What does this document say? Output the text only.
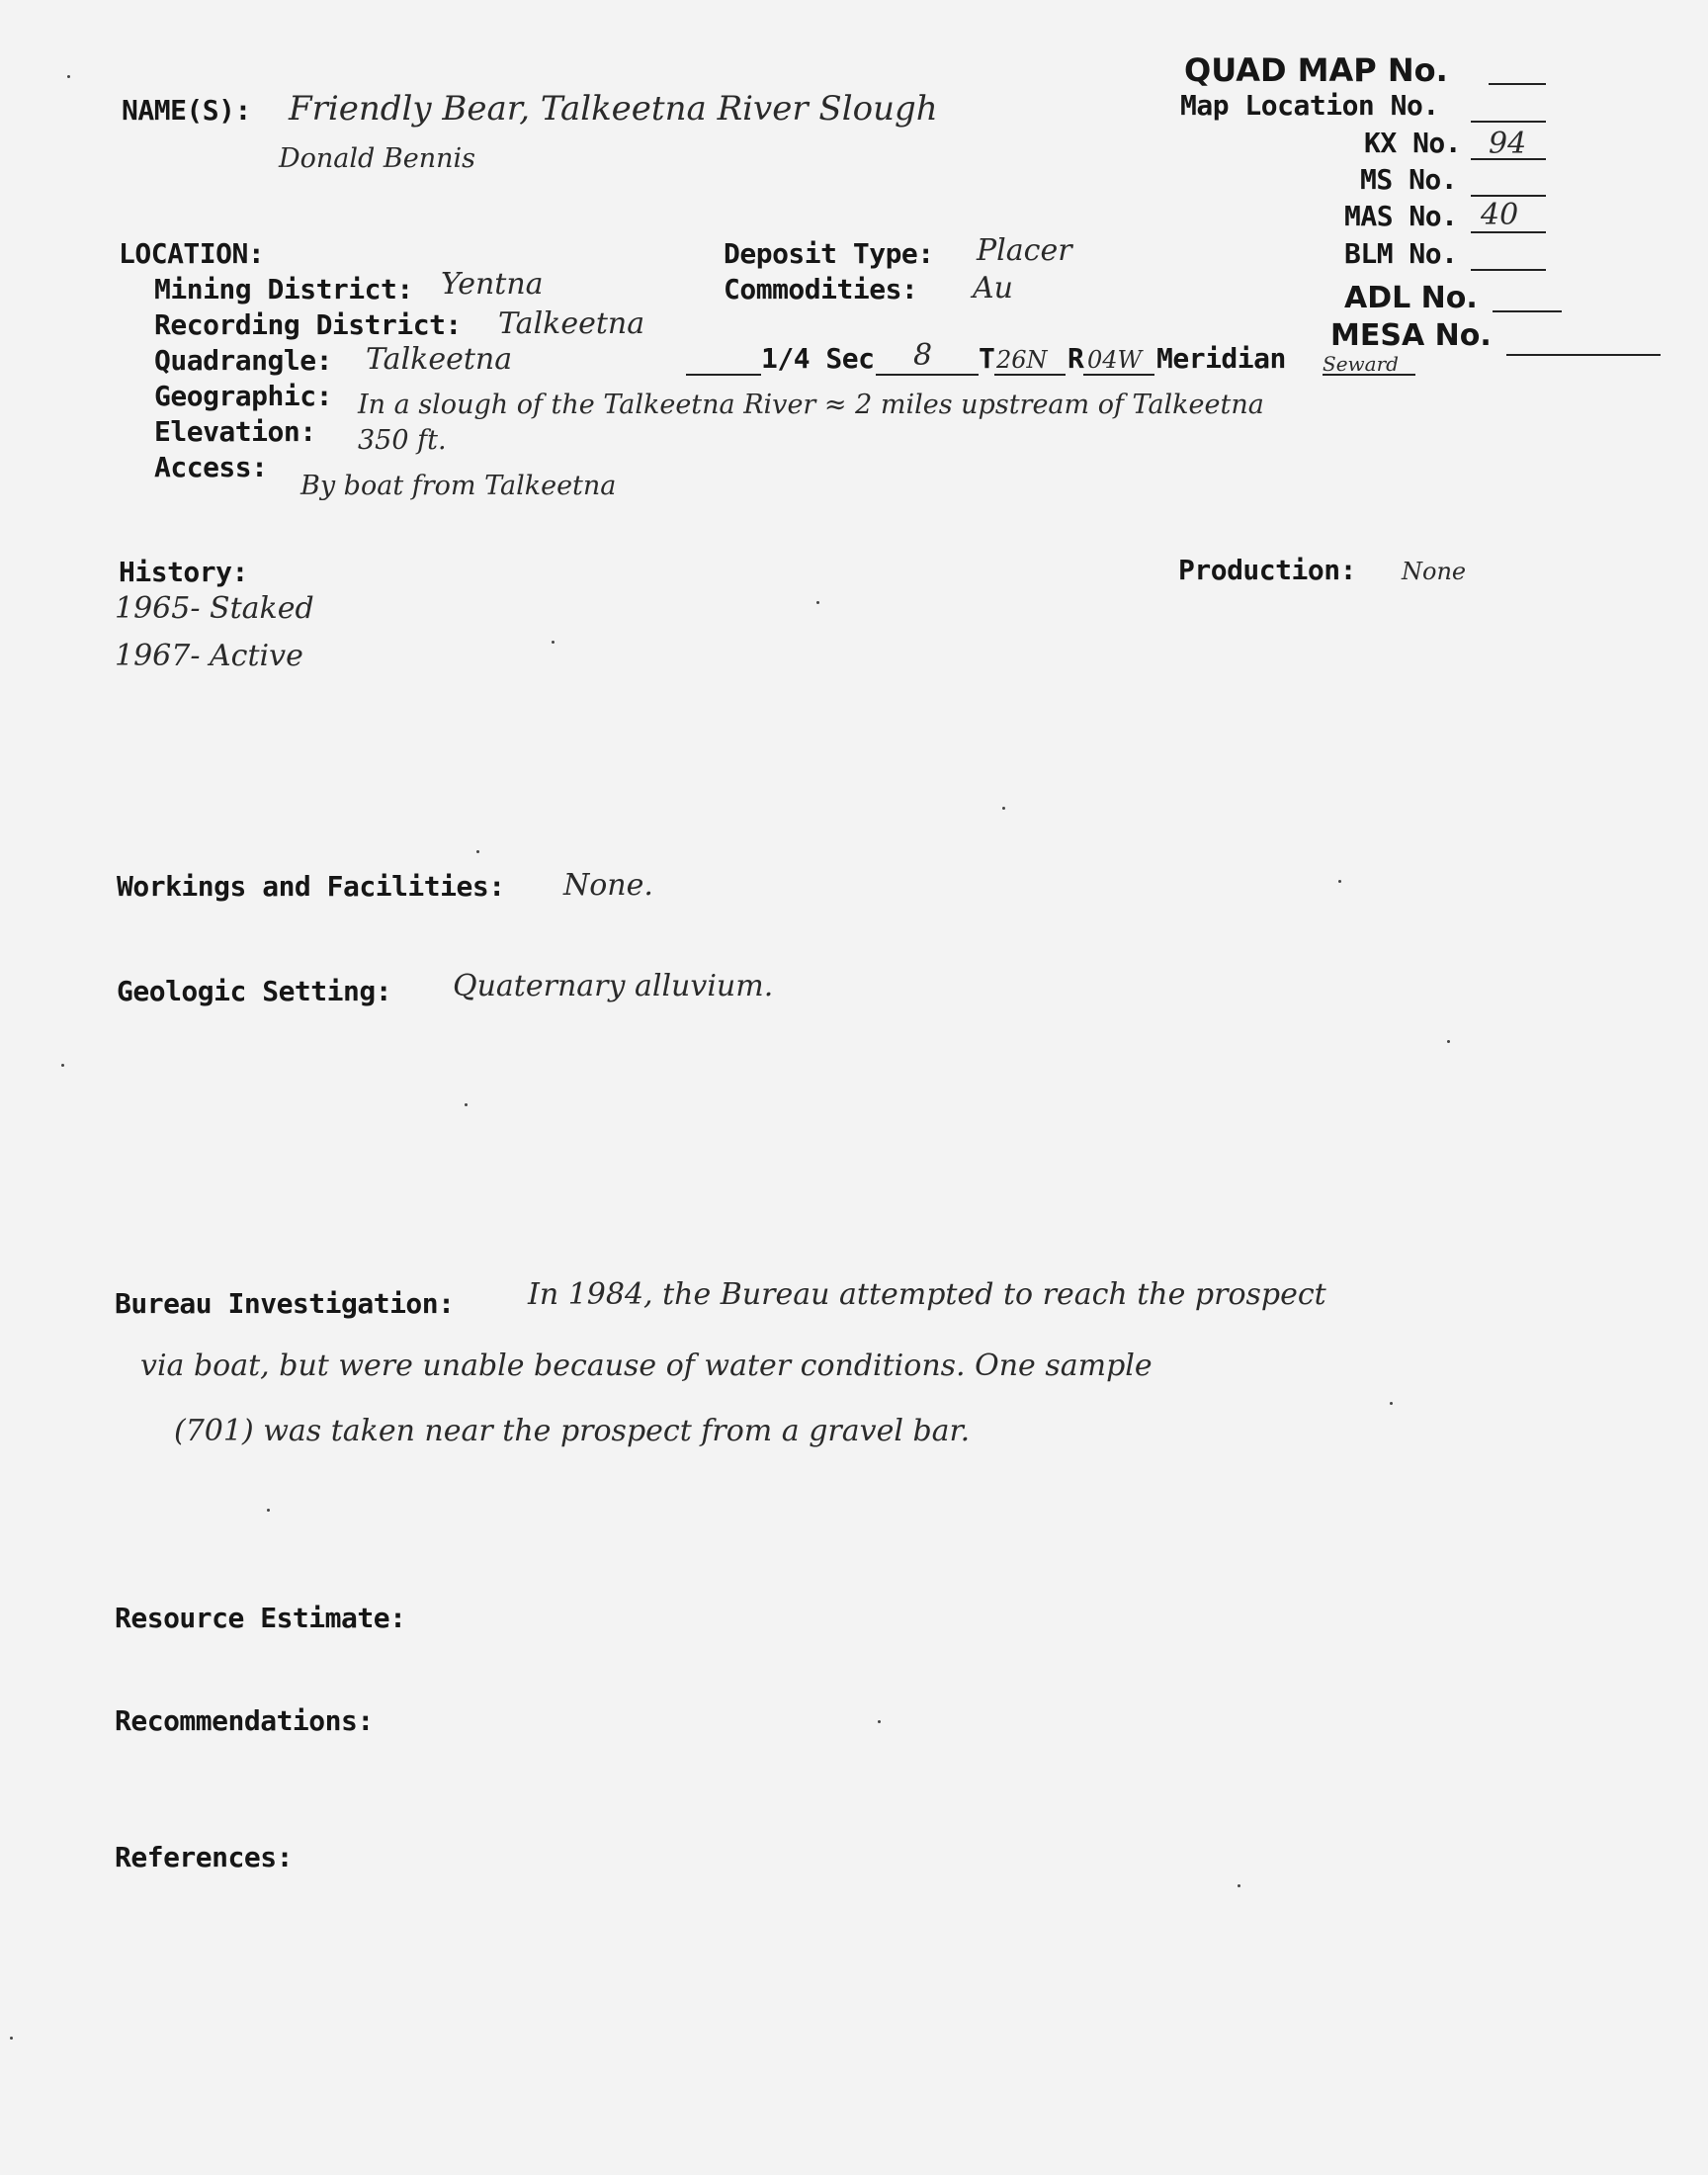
NAME(S): Friendly Bear, Talkeetna River Slough
Donald Bennis
QUAD MAP No.
Map Location No.
KX No. 94
MS No.
MAS No. 40
BLM No.
ADL No.
MESA No.
LOCATION:
Mining District: Yentna
Recording District: Talkeetna
Quadrangle: Talkeetna
Geographic: In a slough of the Talkeetna River ≈ 2 miles upstream of Talkeetna
Elevation: 350 ft.
Access:
By boat from Talkeetna
Deposit Type: Placer
Commodities: Au
1/4 Sec 8 T 26N R 04W Meridian Seward
History:
1965- Staked
1967- Active
Production: None
Workings and Facilities: None.
Geologic Setting: Quaternary alluvium.
Bureau Investigation: In 1984, the Bureau attempted to reach the prospect
via boat, but were unable because of water conditions. One sample
(701) was taken near the prospect from a gravel bar.
Resource Estimate:
Recommendations:
References:
